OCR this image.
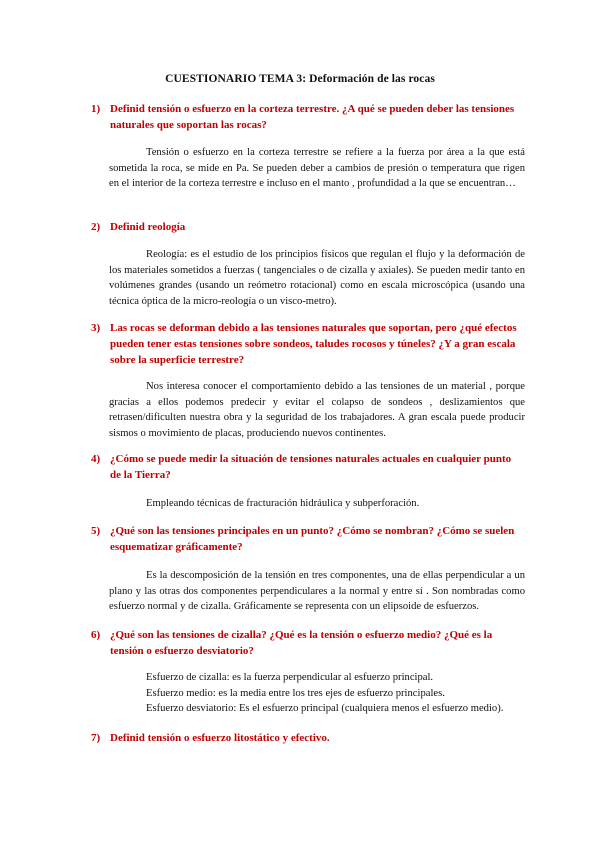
CUESTIONARIO TEMA 3: Deformación de las rocas
1) Definid tensión o esfuerzo en la corteza terrestre. ¿A qué se pueden deber las tensiones naturales que soportan las rocas?
Tensión o esfuerzo en la corteza terrestre se refiere a la fuerza por área a la que está sometida la roca, se mide en Pa. Se pueden deber a cambios de presión o temperatura que rigen en el interior de la corteza terrestre e incluso en el manto , profundidad a la que se encuentran…
2) Definid reología
Reología: es el estudio de los principios físicos que regulan el flujo y la deformación de los materiales sometidos a fuerzas ( tangenciales o de cizalla y axiales). Se pueden medir tanto en volúmenes grandes (usando un reómetro rotacional) como en escala microscópica (usando una técnica óptica de la micro-reología o un visco-metro).
3) Las rocas se deforman debido a las tensiones naturales que soportan, pero ¿qué efectos pueden tener estas tensiones sobre sondeos, taludes rocosos y túneles? ¿Y a gran escala sobre la superficie terrestre?
Nos interesa conocer el comportamiento debido a las tensiones de un material , porque gracias a ellos podemos predecir y evitar el colapso de sondeos , deslizamientos que retrasen/dificulten nuestra obra y la seguridad de los trabajadores. A gran escala puede producir sismos o movimiento de placas, produciendo nuevos continentes.
4) ¿Cómo se puede medir la situación de tensiones naturales actuales en cualquier punto de la Tierra?
Empleando técnicas de fracturación hidráulica y subperforación.
5) ¿Qué son las tensiones principales en un punto? ¿Cómo se nombran? ¿Cómo se suelen esquematizar gráficamente?
Es la descomposición de la tensión en tres componentes, una de ellas perpendicular a un plano y las otras dos componentes perpendiculares a la normal y entre sí . Son nombradas como esfuerzo normal y de cizalla. Gráficamente se representa con un elipsoide de esfuerzos.
6) ¿Qué son las tensiones de cizalla? ¿Qué es la tensión o esfuerzo medio? ¿Qué es la tensión o esfuerzo desviatorio?
Esfuerzo de cizalla: es la fuerza perpendicular al esfuerzo principal.
Esfuerzo medio: es la media entre los tres ejes de esfuerzo principales.
Esfuerzo desviatorio: Es el esfuerzo principal (cualquiera menos el esfuerzo medio).
7) Definid tensión o esfuerzo litostático y efectivo.
